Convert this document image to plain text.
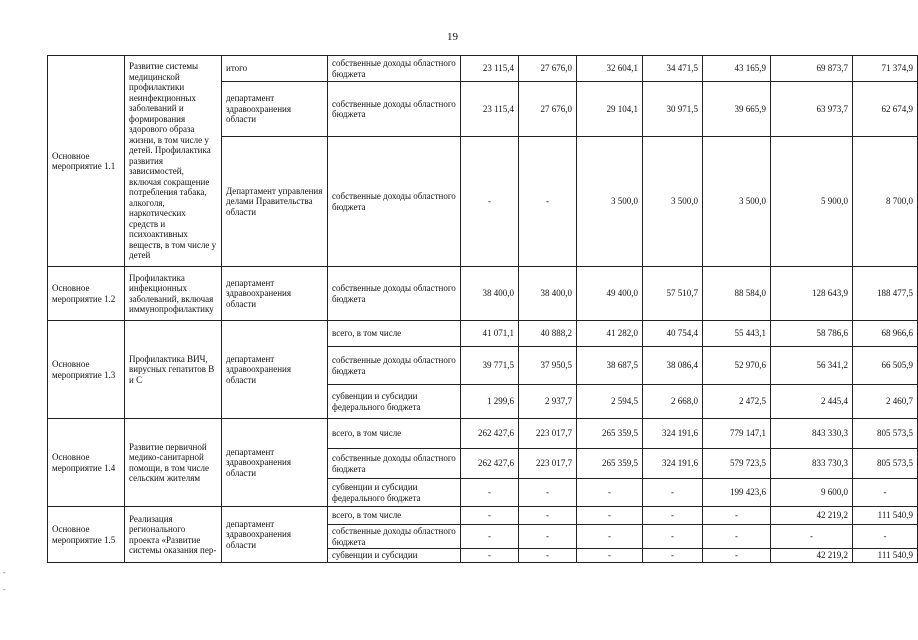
19
Основное мероприятие 1.1	Развитие системы медицинской профилактики неинфекционных заболеваний и формирования здорового образа жизни, в том числе у детей. Профилактика развития зависимостей, включая сокращение потребления табака, алкоголя, наркотических средств и психоактивных веществ, в том числе у детей	итого	собственные доходы областного бюджета	23 115,4	27 676,0	32 604,1	34 471,5	43 165,9	69 873,7	71 374,9
		департамент здравоохранения области	собственные доходы областного бюджета	23 115,4	27 676,0	29 104,1	30 971,5	39 665,9	63 973,7	62 674,9
		Департамент управления делами Правительства области	собственные доходы областного бюджета	-	-	3 500,0	3 500,0	3 500,0	5 900,0	8 700,0
Основное мероприятие 1.2	Профилактика инфекционных заболеваний, включая иммунопрофилактику	департамент здравоохранения области	собственные доходы областного бюджета	38 400,0	38 400,0	49 400,0	57 510,7	88 584,0	128 643,9	188 477,5
Основное мероприятие 1.3	Профилактика ВИЧ, вирусных гепатитов В и С	департамент здравоохранения области	всего, в том числе	41 071,1	40 888,2	41 282,0	40 754,4	55 443,1	58 786,6	68 966,6
			собственные доходы областного бюджета	39 771,5	37 950,5	38 687,5	38 086,4	52 970,6	56 341,2	66 505,9
			субвенции и субсидии федерального бюджета	1 299,6	2 937,7	2 594,5	2 668,0	2 472,5	2 445,4	2 460,7
Основное мероприятие 1.4	Развитие первичной медико-санитарной помощи, в том числе сельским жителям	департамент здравоохранения области	всего, в том числе	262 427,6	223 017,7	265 359,5	324 191,6	779 147,1	843 330,3	805 573,5
			собственные доходы областного бюджета	262 427,6	223 017,7	265 359,5	324 191,6	579 723,5	833 730,3	805 573,5
			субвенции и субсидии федерального бюджета	-	-	-	-	199 423,6	9 600,0	-
Основное мероприятие 1.5	Реализация регионального проекта «Развитие системы оказания пер-	департамент здравоохранения области	всего, в том числе	-	-	-	-	-	42 219,2	111 540,9
			собственные доходы областного бюджета	-	-	-	-	-	-	-
			субвенции и субсидии	-	-	-	-	-	42 219,2	111 540,9
-
-
